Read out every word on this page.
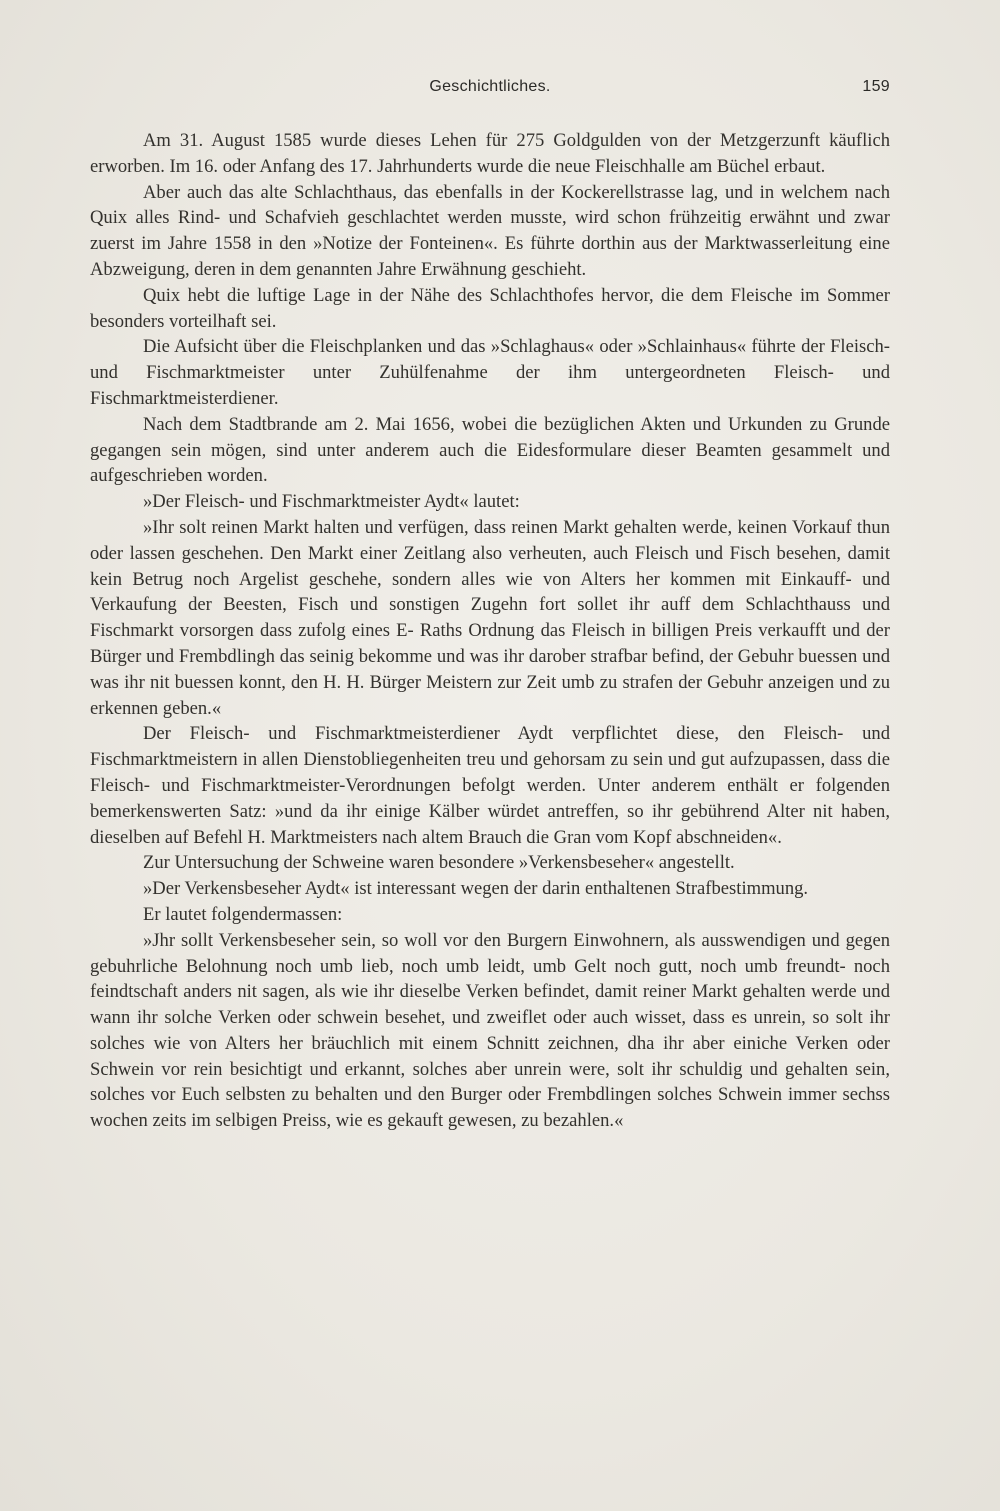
Geschichtliches.	159

Am 31. August 1585 wurde dieses Lehen für 275 Goldgulden von der Metzgerzunft käuflich erworben. Im 16. oder Anfang des 17. Jahrhunderts wurde die neue Fleischhalle am Büchel erbaut.

Aber auch das alte Schlachthaus, das ebenfalls in der Kockerellstrasse lag, und in welchem nach Quix alles Rind- und Schafvieh geschlachtet werden musste, wird schon frühzeitig erwähnt und zwar zuerst im Jahre 1558 in den »Notize der Fonteinen«. Es führte dorthin aus der Marktwasserleitung eine Abzweigung, deren in dem genannten Jahre Erwähnung geschieht.

Quix hebt die luftige Lage in der Nähe des Schlachthofes hervor, die dem Fleische im Sommer besonders vorteilhaft sei.

Die Aufsicht über die Fleischplanken und das »Schlaghaus« oder »Schlainhaus« führte der Fleisch- und Fischmarktmeister unter Zuhülfenahme der ihm untergeordneten Fleisch- und Fischmarktmeisterdiener.

Nach dem Stadtbrande am 2. Mai 1656, wobei die bezüglichen Akten und Urkunden zu Grunde gegangen sein mögen, sind unter anderem auch die Eidesformulare dieser Beamten gesammelt und aufgeschrieben worden.

»Der Fleisch- und Fischmarktmeister Aydt« lautet:

»Ihr solt reinen Markt halten und verfügen, dass reinen Markt gehalten werde, keinen Vorkauf thun oder lassen geschehen. Den Markt einer Zeitlang also verheuten, auch Fleisch und Fisch besehen, damit kein Betrug noch Argelist geschehe, sondern alles wie von Alters her kommen mit Einkauff- und Verkaufung der Beesten, Fisch und sonstigen Zugehn fort sollet ihr auff dem Schlachthauss und Fischmarkt vorsorgen dass zufolg eines E- Raths Ordnung das Fleisch in billigen Preis verkaufft und der Bürger und Frembdlingh das seinig bekomme und was ihr darober strafbar befind, der Gebuhr buessen und was ihr nit buessen konnt, den H. H. Bürger Meistern zur Zeit umb zu strafen der Gebuhr anzeigen und zu erkennen geben.«

Der Fleisch- und Fischmarktmeisterdiener Aydt verpflichtet diese, den Fleisch- und Fischmarktmeistern in allen Dienstobliegenheiten treu und gehorsam zu sein und gut aufzupassen, dass die Fleisch- und Fischmarktmeister-Verordnungen befolgt werden. Unter anderem enthält er folgenden bemerkenswerten Satz: »und da ihr einige Kälber würdet antreffen, so ihr gebührend Alter nit haben, dieselben auf Befehl H. Marktmeisters nach altem Brauch die Gran vom Kopf abschneiden«.

Zur Untersuchung der Schweine waren besondere »Verkensbeseher« angestellt.

»Der Verkensbeseher Aydt« ist interessant wegen der darin enthaltenen Strafbestimmung.

Er lautet folgendermassen:

»Jhr sollt Verkensbeseher sein, so woll vor den Burgern Einwohnern, als ausswendigen und gegen gebuhrliche Belohnung noch umb lieb, noch umb leidt, umb Gelt noch gutt, noch umb freundt- noch feindtschaft anders nit sagen, als wie ihr dieselbe Verken befindet, damit reiner Markt gehalten werde und wann ihr solche Verken oder schwein besehet, und zweiflet oder auch wisset, dass es unrein, so solt ihr solches wie von Alters her bräuchlich mit einem Schnitt zeichnen, dha ihr aber einiche Verken oder Schwein vor rein besichtigt und erkannt, solches aber unrein were, solt ihr schuldig und gehalten sein, solches vor Euch selbsten zu behalten und den Burger oder Frembdlingen solches Schwein immer sechss wochen zeits im selbigen Preiss, wie es gekauft gewesen, zu bezahlen.«
